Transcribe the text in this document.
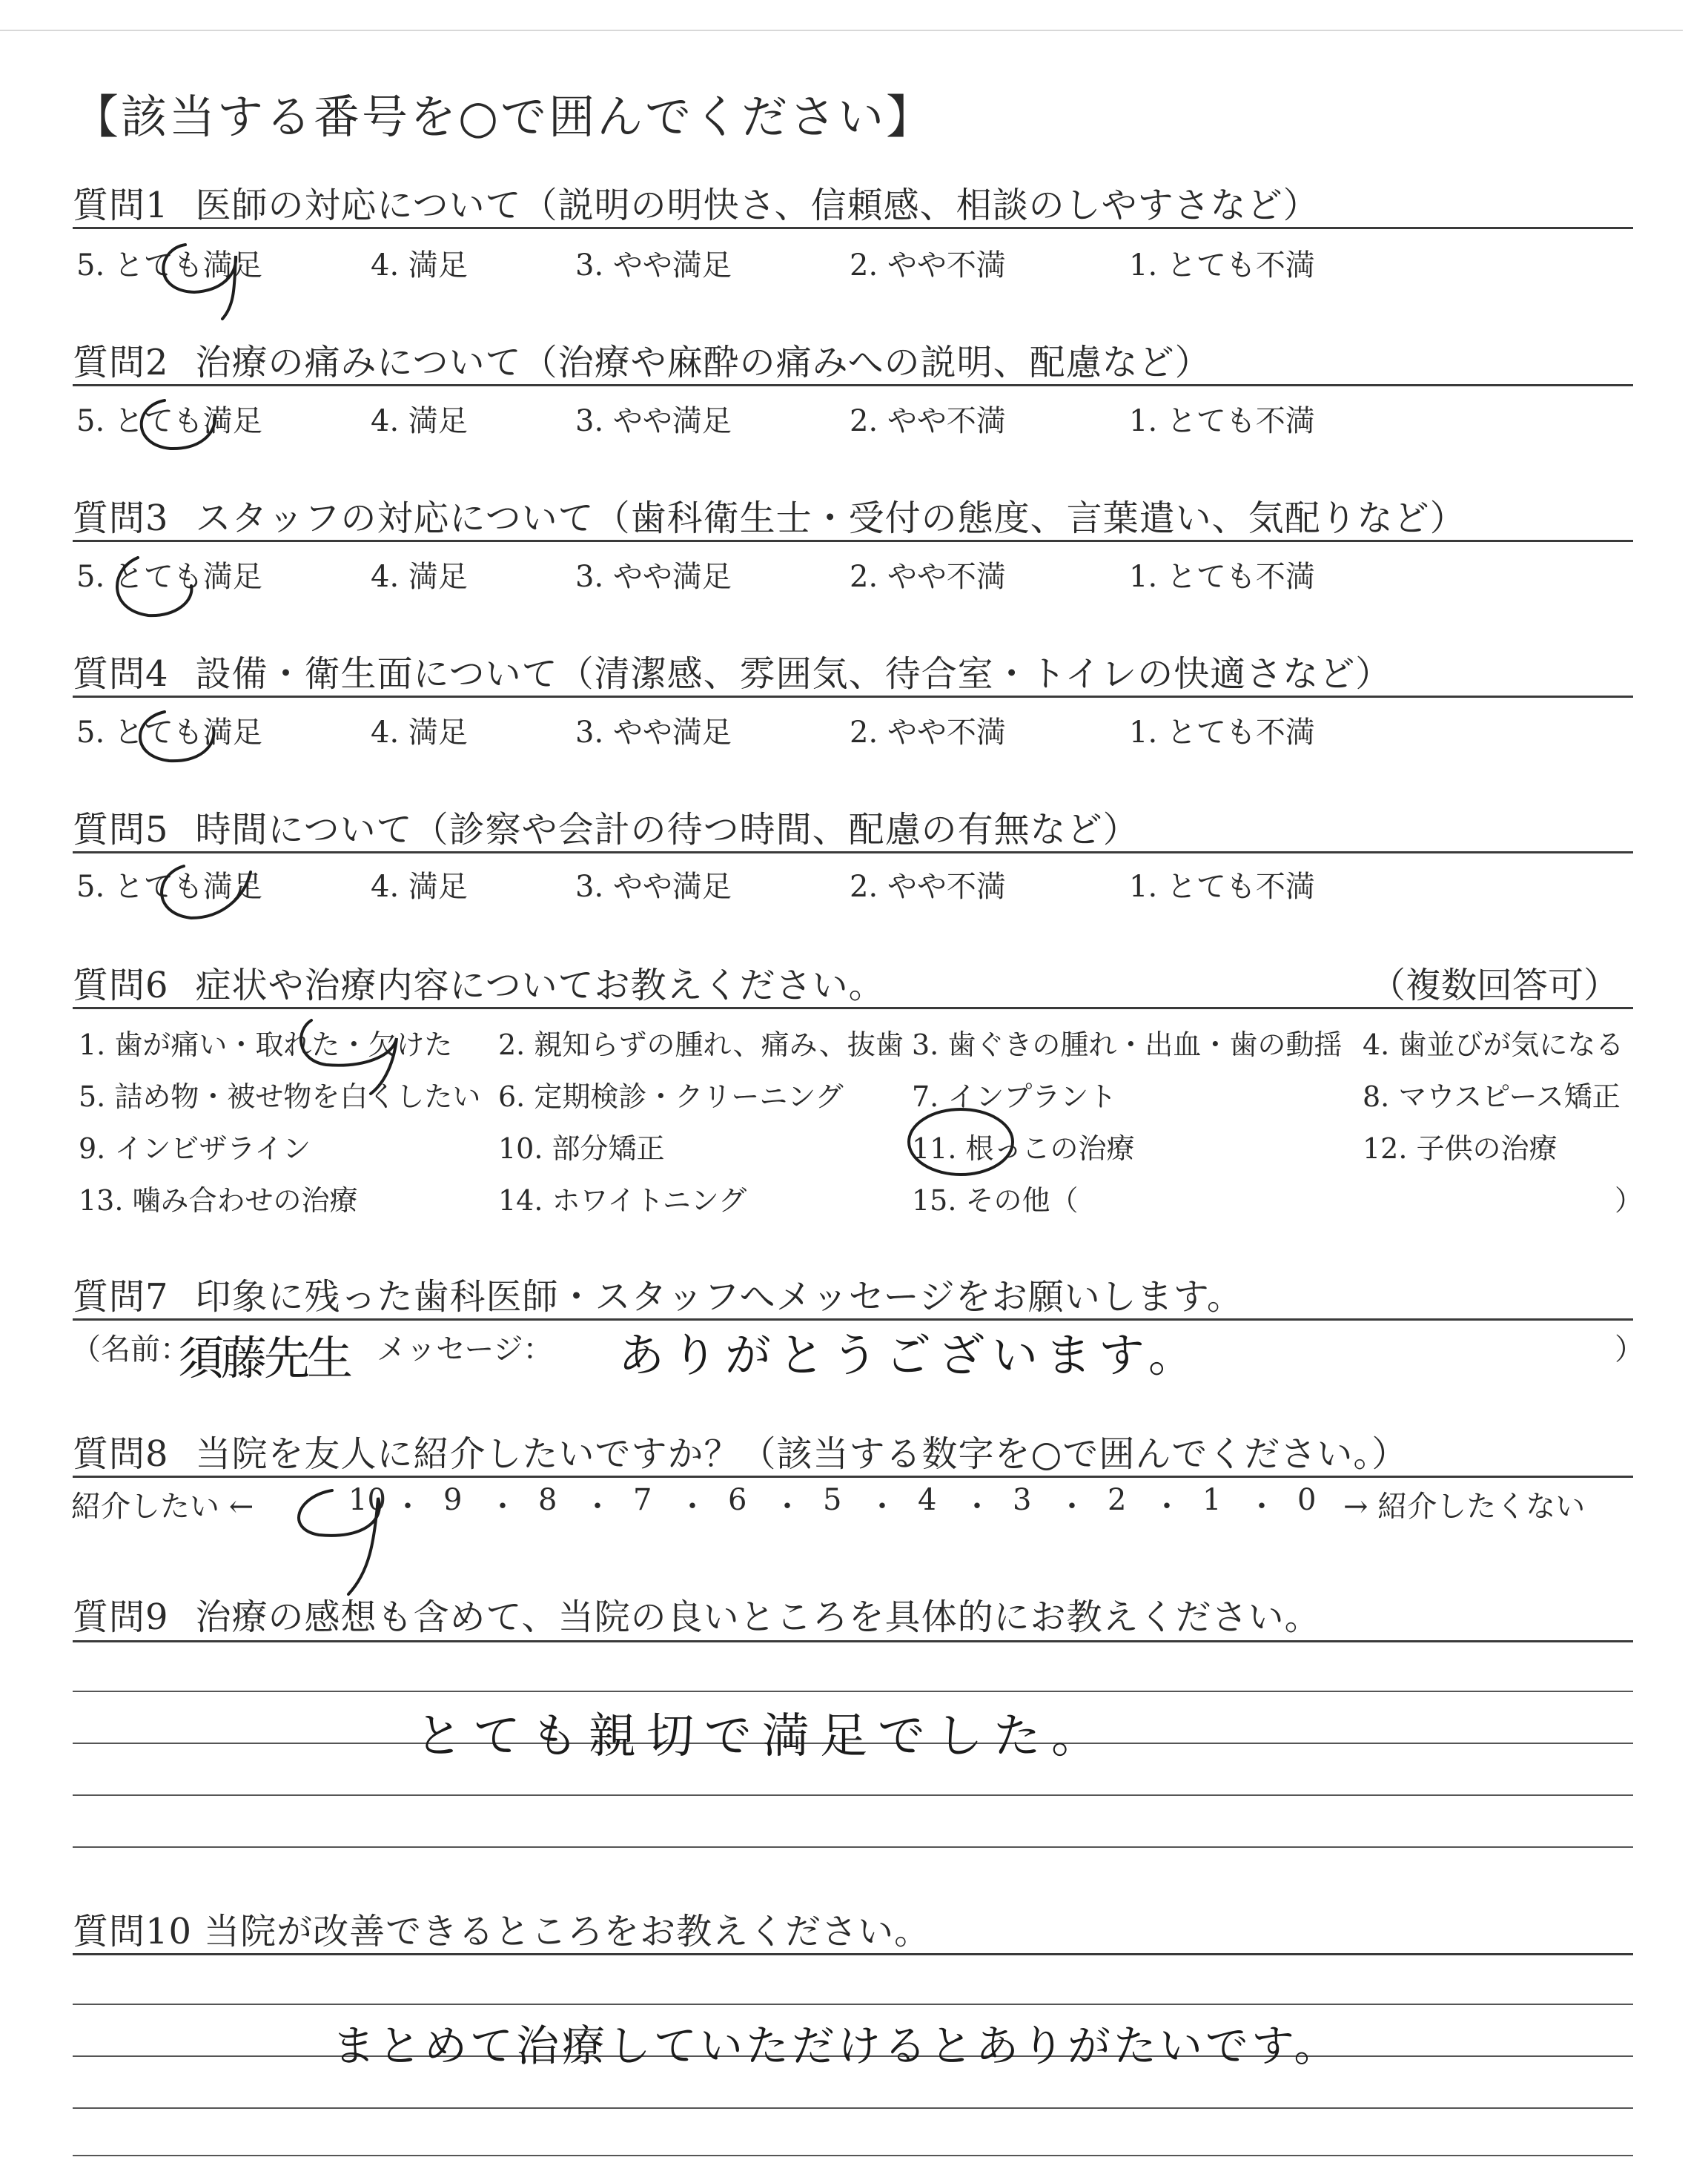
【該当する番号を○で囲んでください】
質問1 医師の対応について（説明の明快さ、信頼感、相談のしやすさなど）
5. とても満足	4. 満足	3. やや満足	2. やや不満	1. とても不満
質問2 治療の痛みについて（治療や麻酔の痛みへの説明、配慮など）
5. とても満足	4. 満足	3. やや満足	2. やや不満	1. とても不満
質問3 スタッフの対応について（歯科衛生士・受付の態度、言葉遣い、気配りなど）
5. とても満足	4. 満足	3. やや満足	2. やや不満	1. とても不満
質問4 設備・衛生面について（清潔感、雰囲気、待合室・トイレの快適さなど）
5. とても満足	4. 満足	3. やや満足	2. やや不満	1. とても不満
質問5 時間について（診察や会計の待つ時間、配慮の有無など）
5. とても満足	4. 満足	3. やや満足	2. やや不満	1. とても不満
質問6 症状や治療内容についてお教えください。	（複数回答可）
1. 歯が痛い・取れた・欠けた 2. 親知らずの腫れ、痛み、抜歯 3. 歯ぐきの腫れ・出血・歯の動揺 4. 歯並びが気になる
5. 詰め物・被せ物を白くしたい 6. 定期検診・クリーニング 7. インプラント	8. マウスピース矯正
9. インビザライン	10. 部分矯正	11. 根っこの治療	12. 子供の治療
13. 噛み合わせの治療	14. ホワイトニング	15. その他（	）
質問7 印象に残った歯科医師・スタッフへメッセージをお願いします。
（名前：
須藤先生 メッセージ： ありがとうございます。	）
質問8 当院を友人に紹介したいですか？（該当する数字を○で囲んでください。）
紹介したい ←	10 ・ 9 ・ 8 ・ 7 ・ 6 ・ 5 ・ 4 ・ 3 ・ 2 ・ 1 ・ 0 → 紹介したくない
質問9 治療の感想も含めて、当院の良いところを具体的にお教えください。
とても親切で満足でした。
質問10 当院が改善できるところをお教えください。
まとめて治療していただけるとありがたいです。
